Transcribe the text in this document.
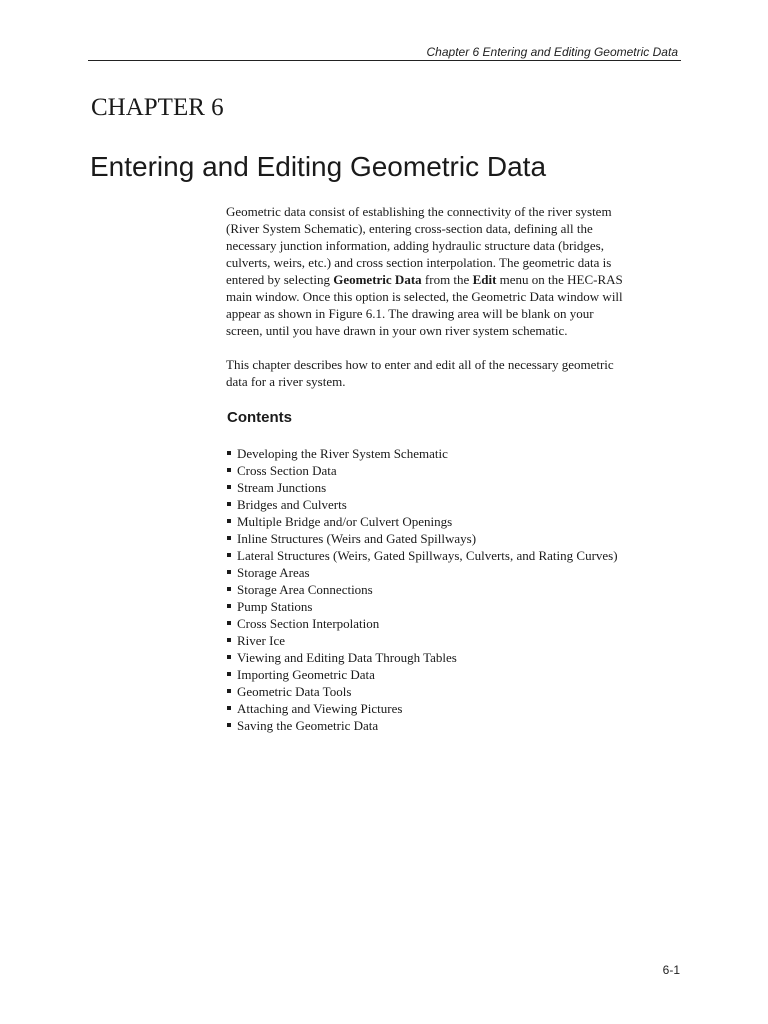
Chapter 6 Entering and Editing Geometric Data
CHAPTER 6
Entering and Editing Geometric Data
Geometric data consist of establishing the connectivity of the river system
(River System Schematic), entering cross-section data, defining all the
necessary junction information, adding hydraulic structure data (bridges,
culverts, weirs, etc.) and cross section interpolation. The geometric data is
entered by selecting Geometric Data from the Edit menu on the HEC-RAS
main window. Once this option is selected, the Geometric Data window will
appear as shown in Figure 6.1. The drawing area will be blank on your
screen, until you have drawn in your own river system schematic.
This chapter describes how to enter and edit all of the necessary geometric
data for a river system.
Contents
Developing the River System Schematic
Cross Section Data
Stream Junctions
Bridges and Culverts
Multiple Bridge and/or Culvert Openings
Inline Structures (Weirs and Gated Spillways)
Lateral Structures (Weirs, Gated Spillways, Culverts, and Rating Curves)
Storage Areas
Storage Area Connections
Pump Stations
Cross Section Interpolation
River Ice
Viewing and Editing Data Through Tables
Importing Geometric Data
Geometric Data Tools
Attaching and Viewing Pictures
Saving the Geometric Data
6-1
